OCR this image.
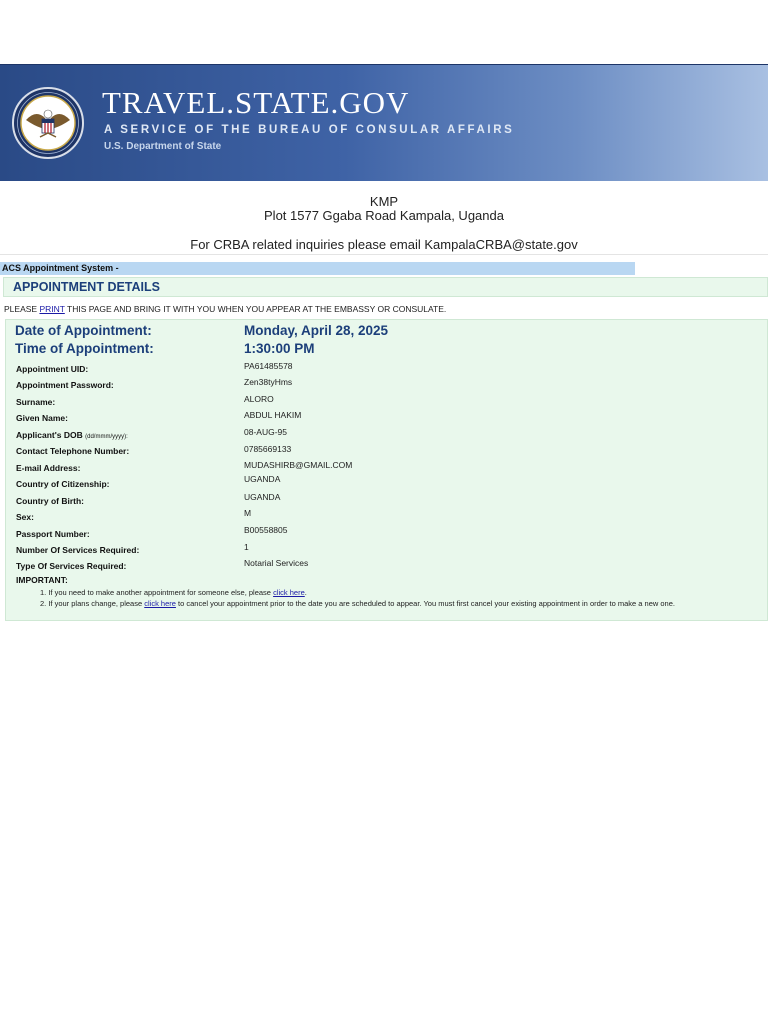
TRAVEL.STATE.GOV
A SERVICE OF THE BUREAU OF CONSULAR AFFAIRS
U.S. Department of State
KMP
Plot 1577 Ggaba Road Kampala, Uganda
For CRBA related inquiries please email KampalaCRBA@state.gov
ACS Appointment System -
APPOINTMENT DETAILS
PLEASE PRINT THIS PAGE AND BRING IT WITH YOU WHEN YOU APPEAR AT THE EMBASSY OR CONSULATE.
Date of Appointment:	Monday, April 28, 2025
Time of Appointment:	1:30:00 PM
Appointment UID:	PA61485578
Appointment Password:	Zen38tyHms
Surname:	ALORO
Given Name:	ABDUL HAKIM
Applicant's DOB (dd/mmm/yyyy):	08-AUG-95
Contact Telephone Number:	0785669133
E-mail Address:	MUDASHIRB@GMAIL.COM
Country of Citizenship:	UGANDA
Country of Birth:	UGANDA
Sex:	M
Passport Number:	B00558805
Number Of Services Required:	1
Type Of Services Required:	Notarial Services
IMPORTANT:
1. If you need to make another appointment for someone else, please click here.
2. If your plans change, please click here to cancel your appointment prior to the date you are scheduled to appear. You must first cancel your existing appointment in order to make a new one.
